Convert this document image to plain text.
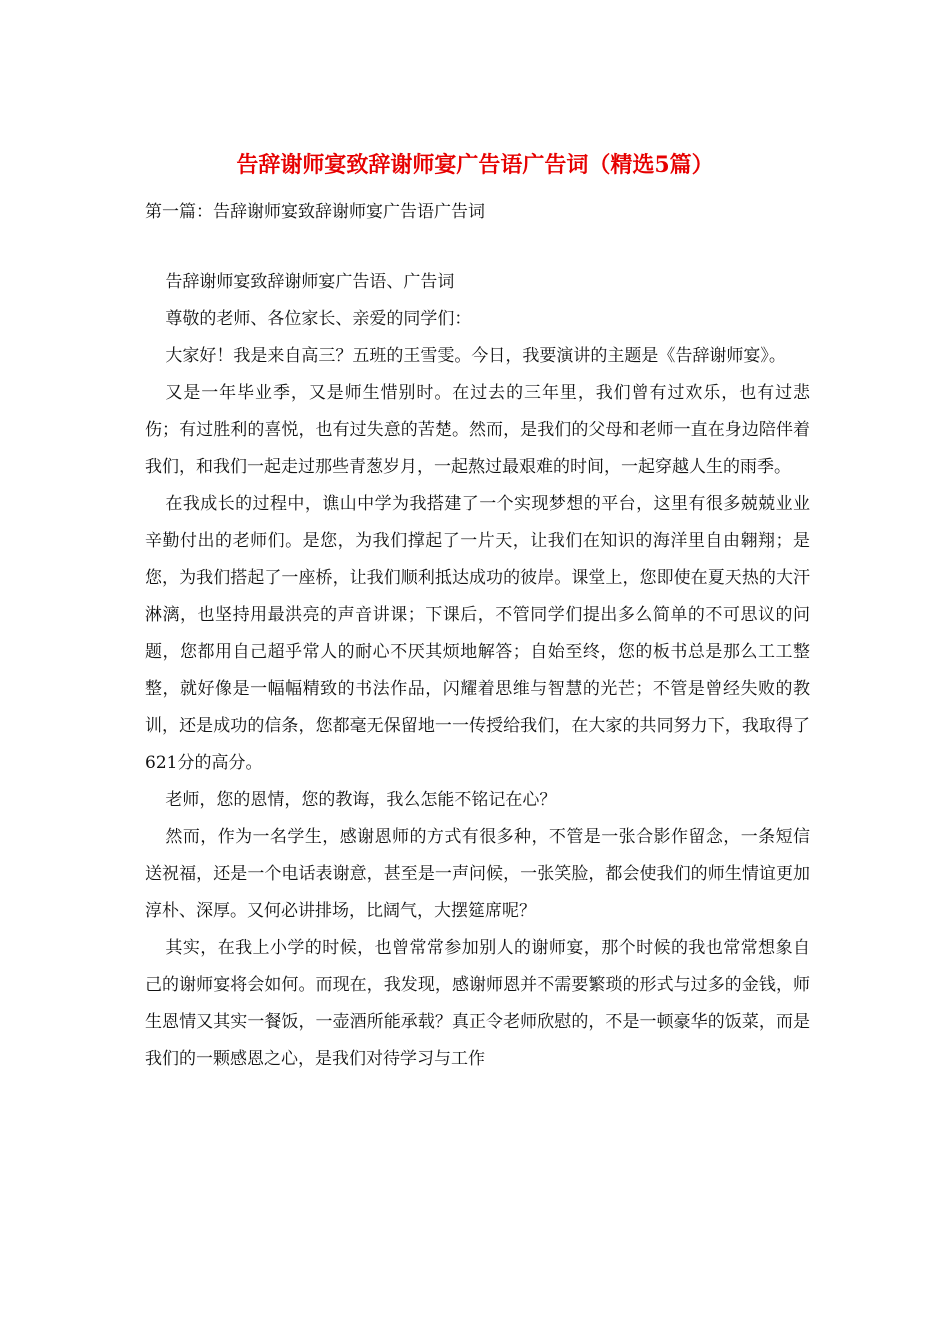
告辞谢师宴致辞谢师宴广告语广告词（精选5篇）
第一篇：告辞谢师宴致辞谢师宴广告语广告词

告辞谢师宴致辞谢师宴广告语、广告词

尊敬的老师、各位家长、亲爱的同学们：

大家好！我是来自高三？五班的王雪雯。今日，我要演讲的主题是《告辞谢师宴》。

又是一年毕业季，又是师生惜别时。在过去的三年里，我们曾有过欢乐，也有过悲伤；有过胜利的喜悦，也有过失意的苦楚。然而，是我们的父母和老师一直在身边陪伴着我们，和我们一起走过那些青葱岁月，一起熬过最艰难的时间，一起穿越人生的雨季。

在我成长的过程中，谯山中学为我搭建了一个实现梦想的平台，这里有很多兢兢业业辛勤付出的老师们。是您，为我们撑起了一片天，让我们在知识的海洋里自由翱翔；是您，为我们搭起了一座桥，让我们顺利抵达成功的彼岸。课堂上，您即使在夏天热的大汗淋漓，也坚持用最洪亮的声音讲课；下课后，不管同学们提出多么简单的不可思议的问题，您都用自己超乎常人的耐心不厌其烦地解答；自始至终，您的板书总是那么工工整整，就好像是一幅幅精致的书法作品，闪耀着思维与智慧的光芒；不管是曾经失败的教训，还是成功的信条，您都毫无保留地一一传授给我们，在大家的共同努力下，我取得了621分的高分。

老师，您的恩情，您的教诲，我么怎能不铭记在心？

然而，作为一名学生，感谢恩师的方式有很多种，不管是一张合影作留念，一条短信送祝福，还是一个电话表谢意，甚至是一声问候，一张笑脸，都会使我们的师生情谊更加淳朴、深厚。又何必讲排场，比阔气，大摆筵席呢？

其实，在我上小学的时候，也曾常常参加别人的谢师宴，那个时候的我也常常想象自己的谢师宴将会如何。而现在，我发现，感谢师恩并不需要繁琐的形式与过多的金钱，师生恩情又其实一餐饭，一壶酒所能承载？真正令老师欣慰的，不是一顿豪华的饭菜，而是我们的一颗感恩之心，是我们对待学习与工作
